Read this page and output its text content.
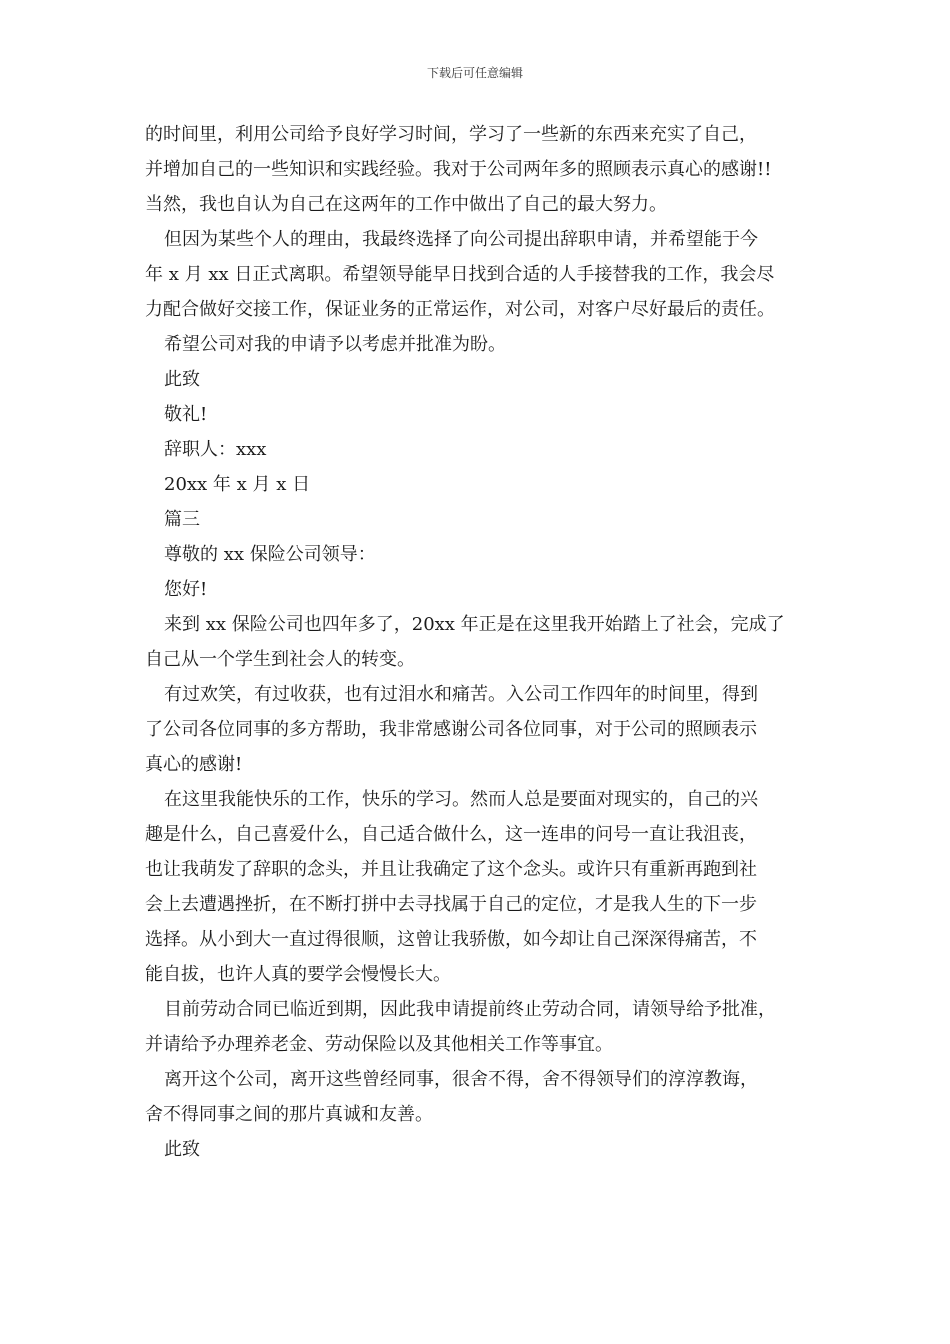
下载后可任意编辑
的时间里，利用公司给予良好学习时间，学习了一些新的东西来充实了自己，
并增加自己的一些知识和实践经验。我对于公司两年多的照顾表示真心的感谢!!
当然，我也自认为自己在这两年的工作中做出了自己的最大努力。
但因为某些个人的理由，我最终选择了向公司提出辞职申请，并希望能于今
年 x 月 xx 日正式离职。希望领导能早日找到合适的人手接替我的工作，我会尽
力配合做好交接工作，保证业务的正常运作，对公司，对客户尽好最后的责任。
希望公司对我的申请予以考虑并批准为盼。
此致
敬礼!
辞职人：xxx
20xx 年 x 月 x 日
篇三
尊敬的 xx 保险公司领导：
您好!
来到 xx 保险公司也四年多了，20xx 年正是在这里我开始踏上了社会，完成了
自己从一个学生到社会人的转变。
有过欢笑，有过收获，也有过泪水和痛苦。入公司工作四年的时间里，得到
了公司各位同事的多方帮助，我非常感谢公司各位同事，对于公司的照顾表示
真心的感谢!
在这里我能快乐的工作，快乐的学习。然而人总是要面对现实的，自己的兴
趣是什么，自己喜爱什么，自己适合做什么，这一连串的问号一直让我沮丧，
也让我萌发了辞职的念头，并且让我确定了这个念头。或许只有重新再跑到社
会上去遭遇挫折，在不断打拼中去寻找属于自己的定位，才是我人生的下一步
选择。从小到大一直过得很顺，这曾让我骄傲，如今却让自己深深得痛苦，不
能自拔，也许人真的要学会慢慢长大。
目前劳动合同已临近到期，因此我申请提前终止劳动合同，请领导给予批准，
并请给予办理养老金、劳动保险以及其他相关工作等事宜。
离开这个公司，离开这些曾经同事，很舍不得，舍不得领导们的淳淳教诲，
舍不得同事之间的那片真诚和友善。
此致
